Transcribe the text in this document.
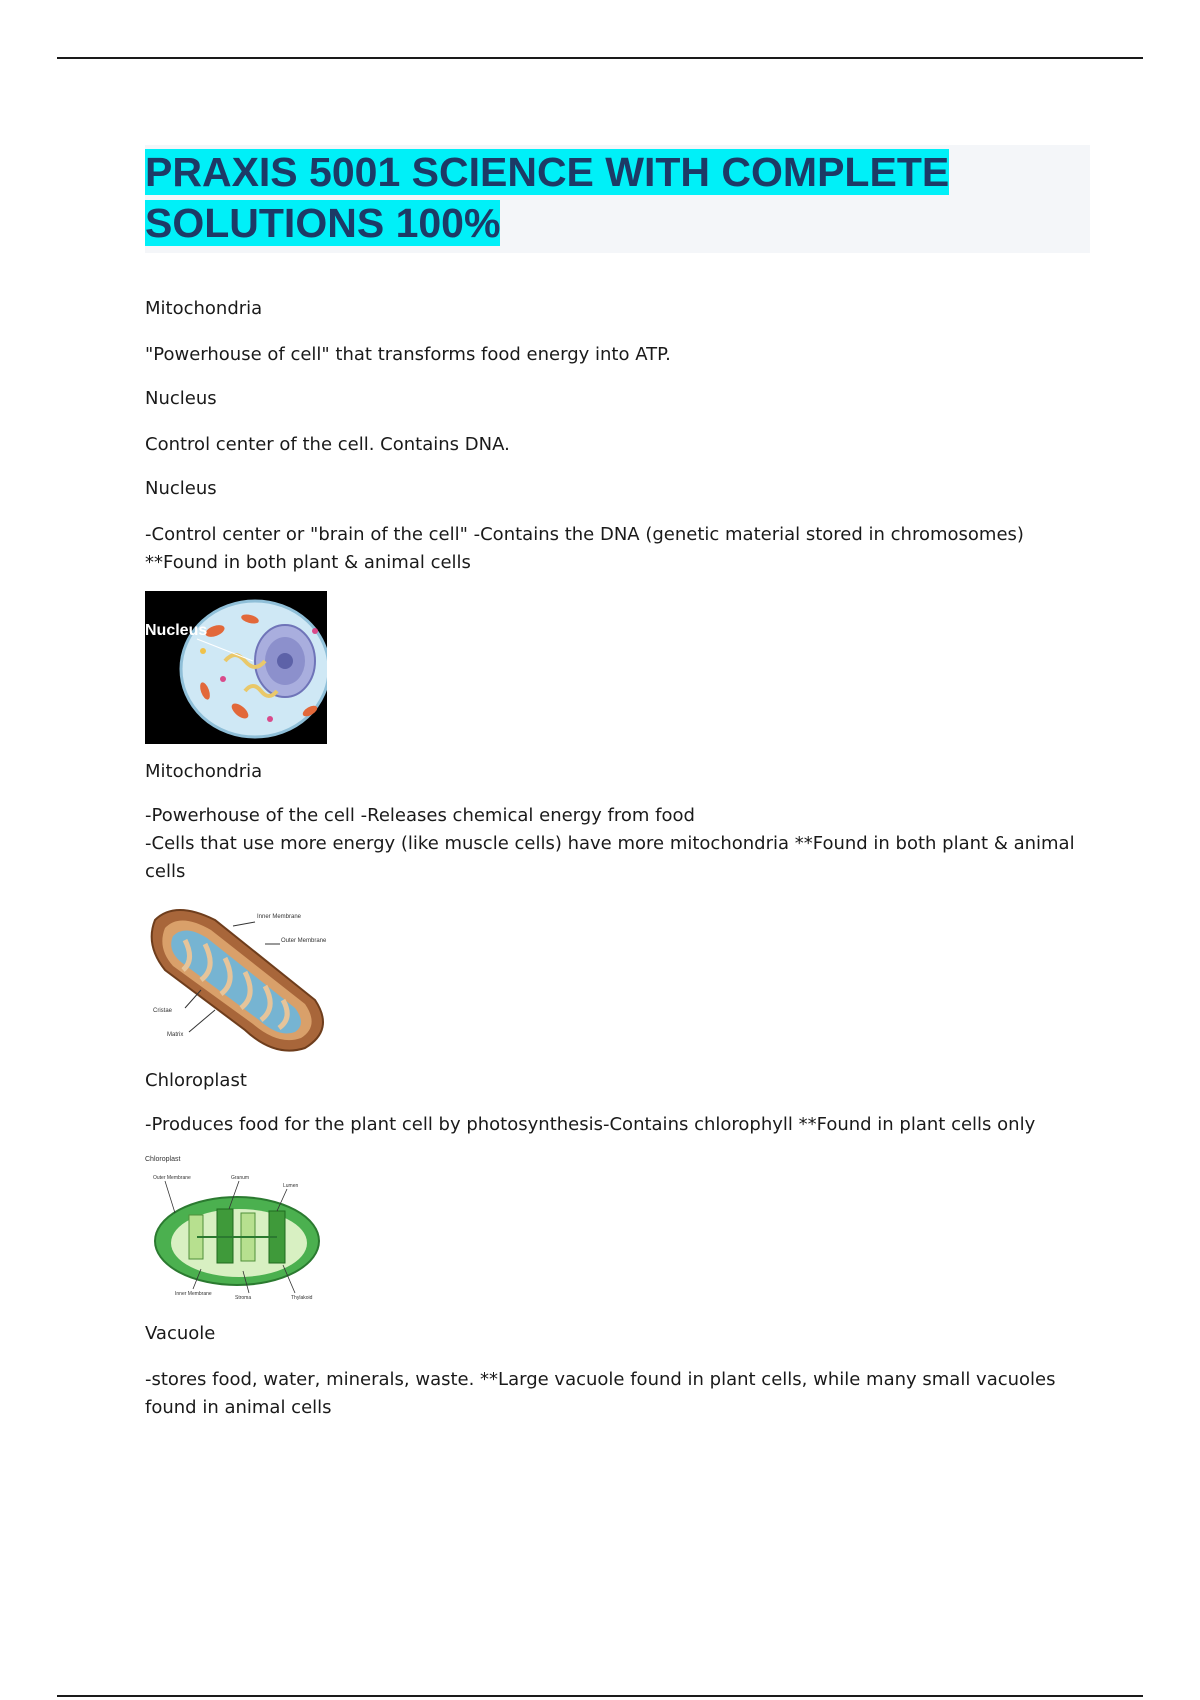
PRAXIS 5001 SCIENCE WITH COMPLETE SOLUTIONS 100%

Mitochondria

"Powerhouse of cell" that transforms food energy into ATP.

Nucleus

Control center of the cell. Contains DNA.

Nucleus

-Control center or "brain of the cell" -Contains the DNA (genetic material stored in chromosomes) **Found in both plant & animal cells

Nucleus

Mitochondria

-Powerhouse of the cell -Releases chemical energy from food

-Cells that use more energy (like muscle cells) have more mitochondria **Found in both plant & animal cells

Inner Membrane
Outer Membrane
Cristae
Matrix

Chloroplast

-Produces food for the plant cell by photosynthesis-Contains chlorophyll **Found in plant cells only

Chloroplast
Outer Membrane	Granum
Lumen
Inner Membrane
Stroma	Thylakoid

Vacuole

-stores food, water, minerals, waste. **Large vacuole found in plant cells, while many small vacuoles found in animal cells
